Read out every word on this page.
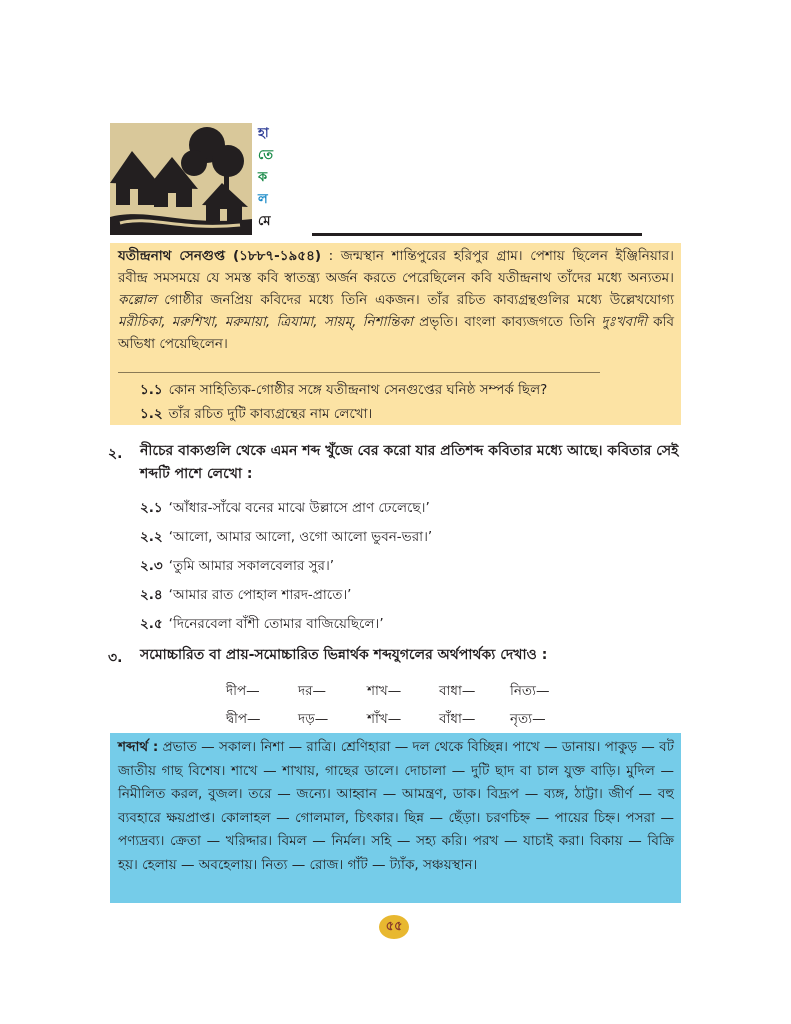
হা
তে
ক
ল
মে
যতীন্দ্রনাথ সেনগুপ্ত (১৮৮৭-১৯৫৪) : জন্মস্থান শান্তিপুরের হরিপুর গ্রাম। পেশায় ছিলেন ইঞ্জিনিয়ার। রবীন্দ্র সমসময়ে যে সমস্ত কবি স্বাতন্ত্র্য অর্জন করতে পেরেছিলেন কবি যতীন্দ্রনাথ তাঁদের মধ্যে অন্যতম। কল্লোল গোষ্ঠীর জনপ্রিয় কবিদের মধ্যে তিনি একজন। তাঁর রচিত কাব্যগ্রন্থগুলির মধ্যে উল্লেখযোগ্য মরীচিকা, মরুশিখা, মরুমায়া, ত্রিযামা, সায়ম্‌, নিশান্তিকা প্রভৃতি। বাংলা কাব্যজগতে তিনি দুঃখবাদী কবি অভিধা পেয়েছিলেন।
১.১ কোন সাহিত্যিক-গোষ্ঠীর সঙ্গে যতীন্দ্রনাথ সেনগুপ্তের ঘনিষ্ঠ সম্পর্ক ছিল?
১.২ তাঁর রচিত দুটি কাব্যগ্রন্থের নাম লেখো।
২. নীচের বাক্যগুলি থেকে এমন শব্দ খুঁজে বের করো যার প্রতিশব্দ কবিতার মধ্যে আছে। কবিতার সেই শব্দটি পাশে লেখো :
২.১ ‘আঁধার-সাঁঝে বনের মাঝে উল্লাসে প্রাণ ঢেলেছে।’
২.২ ‘আলো, আমার আলো, ওগো আলো ভুবন-ভরা।’
২.৩ ‘তুমি আমার সকালবেলার সুর।’
২.৪ ‘আমার রাত পোহাল শারদ-প্রাতে।’
২.৫ ‘দিনেরবেলা বাঁশী তোমার বাজিয়েছিলে।’
৩. সমোচ্চারিত বা প্রায়-সমোচ্চারিত ভিন্নার্থক শব্দযুগলের অর্থপার্থক্য দেখাও :
দীপ—	দর—	শাখ—	বাধা—	নিত্য—
দ্বীপ—	দড়—	শাঁখ—	বাঁধা—	নৃত্য—
শব্দার্থ : প্রভাত — সকাল। নিশা — রাত্রি। শ্রেণিহারা — দল থেকে বিচ্ছিন্ন। পাখে — ডানায়। পাকুড় — বট জাতীয় গাছ বিশেষ। শাখে — শাখায়, গাছের ডালে। দোচালা — দুটি ছাদ বা চাল যুক্ত বাড়ি। মুদিল — নিমীলিত করল, বুজল। তরে — জন্যে। আহ্বান — আমন্ত্রণ, ডাক। বিদ্রূপ — ব্যঙ্গ, ঠাট্টা। জীর্ণ — বহু ব্যবহারে ক্ষয়প্রাপ্ত। কোলাহল — গোলমাল, চিৎকার। ছিন্ন — ছেঁড়া। চরণচিহ্ন — পায়ের চিহ্ন। পসরা — পণ্যদ্রব্য। ক্রেতা — খরিদ্দার। বিমল — নির্মল। সহি — সহ্য করি। পরখ — যাচাই করা। বিকায় — বিক্রি হয়। হেলায় — অবহেলায়। নিত্য — রোজ। গাঁট — ট্যাঁক, সঞ্চয়স্থান।
৫৫
